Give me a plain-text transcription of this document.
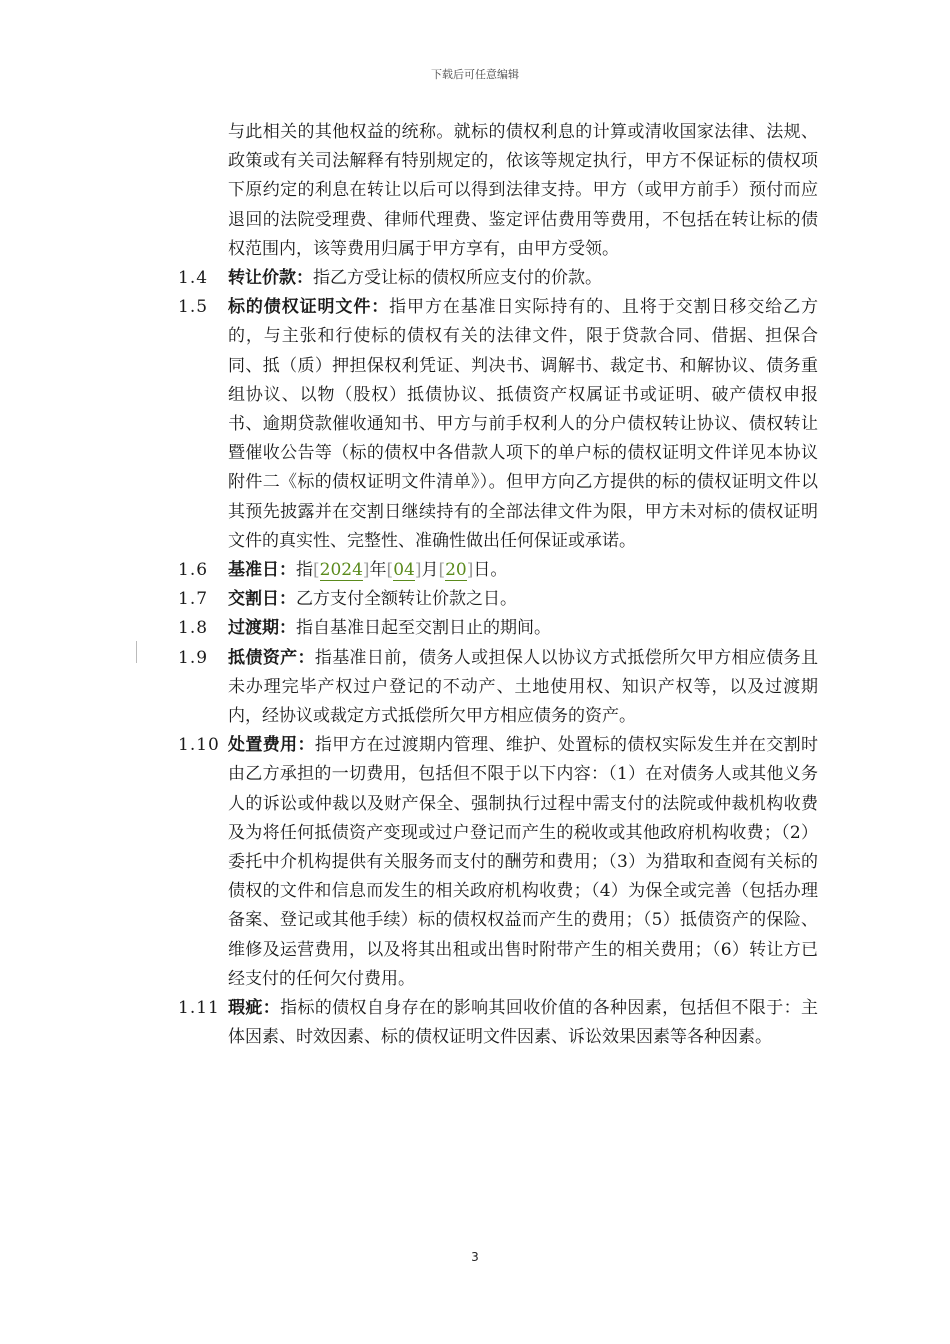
下载后可任意编辑

与此相关的其他权益的统称。就标的债权利息的计算或清收国家法律、法规、政策或有关司法解释有特别规定的，依该等规定执行，甲方不保证标的债权项下原约定的利息在转让以后可以得到法律支持。甲方（或甲方前手）预付而应退回的法院受理费、律师代理费、鉴定评估费用等费用，不包括在转让标的债权范围内，该等费用归属于甲方享有，由甲方受领。

1.4	转让价款：指乙方受让标的债权所应支付的价款。
1.5	标的债权证明文件：指甲方在基准日实际持有的、且将于交割日移交给乙方的，与主张和行使标的债权有关的法律文件，限于贷款合同、借据、担保合同、抵（质）押担保权利凭证、判决书、调解书、裁定书、和解协议、债务重组协议、以物（股权）抵债协议、抵债资产权属证书或证明、破产债权申报书、逾期贷款催收通知书、甲方与前手权利人的分户债权转让协议、债权转让暨催收公告等（标的债权中各借款人项下的单户标的债权证明文件详见本协议附件二《标的债权证明文件清单》）。但甲方向乙方提供的标的债权证明文件以其预先披露并在交割日继续持有的全部法律文件为限，甲方未对标的债权证明文件的真实性、完整性、准确性做出任何保证或承诺。
1.6	基准日：指[2024]年[04]月[20]日。
1.7	交割日：乙方支付全额转让价款之日。
1.8	过渡期：指自基准日起至交割日止的期间。
1.9	抵债资产：指基准日前，债务人或担保人以协议方式抵偿所欠甲方相应债务且未办理完毕产权过户登记的不动产、土地使用权、知识产权等，以及过渡期内，经协议或裁定方式抵偿所欠甲方相应债务的资产。
1.10 处置费用：指甲方在过渡期内管理、维护、处置标的债权实际发生并在交割时由乙方承担的一切费用，包括但不限于以下内容：（1）在对债务人或其他义务人的诉讼或仲裁以及财产保全、强制执行过程中需支付的法院或仲裁机构收费及为将任何抵债资产变现或过户登记而产生的税收或其他政府机构收费；（2）委托中介机构提供有关服务而支付的酬劳和费用；（3）为猎取和查阅有关标的债权的文件和信息而发生的相关政府机构收费；（4）为保全或完善（包括办理备案、登记或其他手续）标的债权权益而产生的费用；（5）抵债资产的保险、维修及运营费用，以及将其出租或出售时附带产生的相关费用；（6）转让方已经支付的任何欠付费用。
1.11 瑕疵：指标的债权自身存在的影响其回收价值的各种因素，包括但不限于：主体因素、时效因素、标的债权证明文件因素、诉讼效果因素等各种因素。
3
